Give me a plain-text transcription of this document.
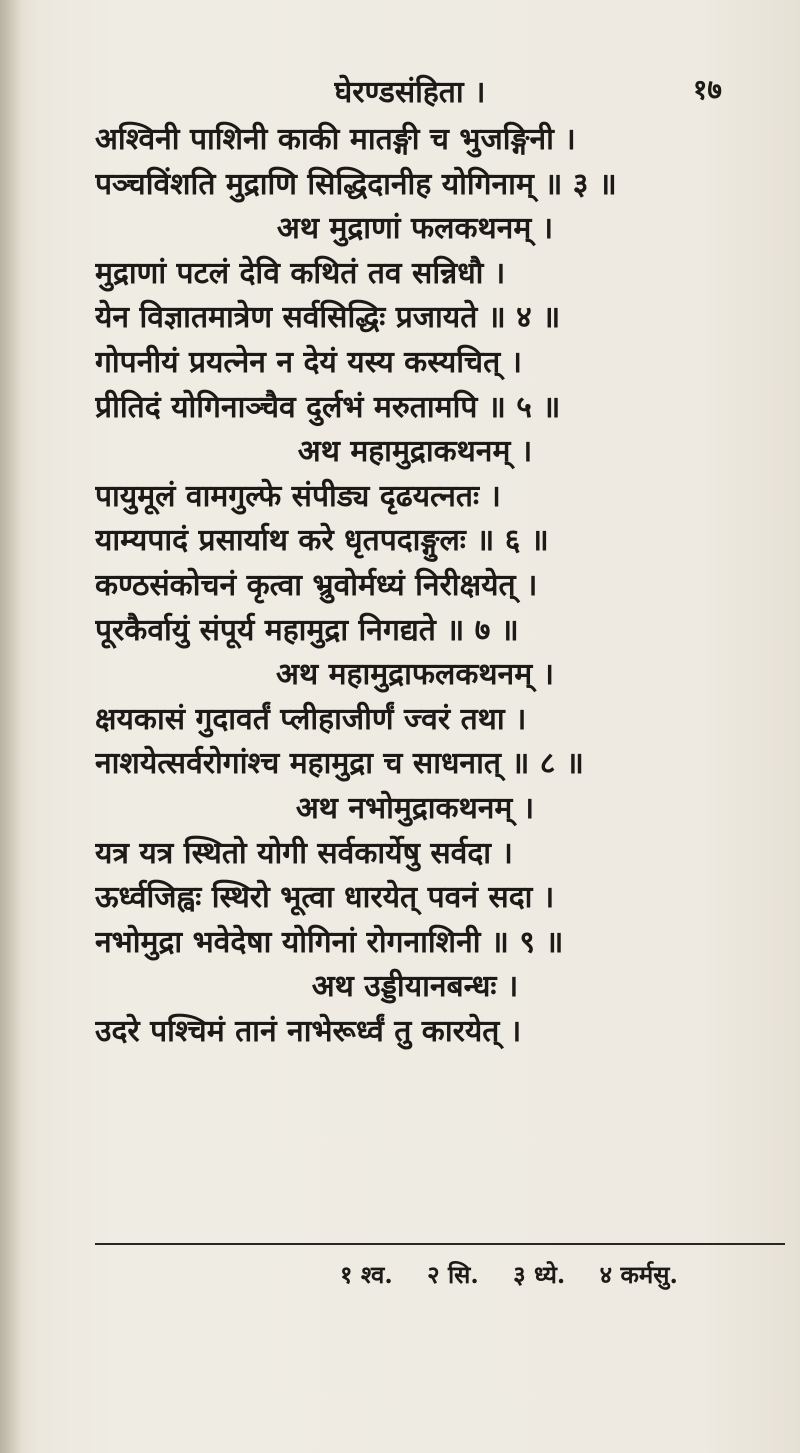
घेरण्डसंहिता ।	१७
अश्विनी पाशिनी काकी मातङ्गी च भुजङ्गिनी ।
पञ्चविंशति मुद्राणि सिद्धिदानीह योगिनाम् ॥ ३ ॥
अथ मुद्राणां फलकथनम् ।
मुद्राणां पटलं देवि कथितं तव सन्निधौ ।
येन विज्ञातमात्रेण सर्वसिद्धिः प्रजायते ॥ ४ ॥
गोपनीयं प्रयत्नेन न देयं यस्य कस्यचित् ।
प्रीतिदं योगिनाञ्चैव दुर्लभं मरुतामपि ॥ ५ ॥
अथ महामुद्राकथनम् ।
पायुमूलं वामगुल्फे संपीड्य दृढयत्नतः ।
याम्यपादं प्रसार्याथ करे धृतपदाङ्गुलः ॥ ६ ॥
कण्ठसंकोचनं कृत्वा भ्रुवोर्मध्यं निरीक्षयेत् ।
पूरकैर्वायुं संपूर्य महामुद्रा निगद्यते ॥ ७ ॥
अथ महामुद्राफलकथनम् ।
क्षयकासं गुदावर्तं प्लीहाजीर्णं ज्वरं तथा ।
नाशयेत्सर्वरोगांश्च महामुद्रा च साधनात् ॥ ८ ॥
अथ नभोमुद्राकथनम् ।
यत्र यत्र स्थितो योगी सर्वकार्येषु सर्वदा ।
ऊर्ध्वजिह्वः स्थिरो भूत्वा धारयेत् पवनं सदा ।
नभोमुद्रा भवेदेषा योगिनां रोगनाशिनी ॥ ९ ॥
अथ उड्डीयानबन्धः ।
उदरे पश्चिमं तानं नाभेरूर्ध्वं तु कारयेत् ।
१ श्व. २ सि. ३ ध्ये. ४ कर्मसु.
